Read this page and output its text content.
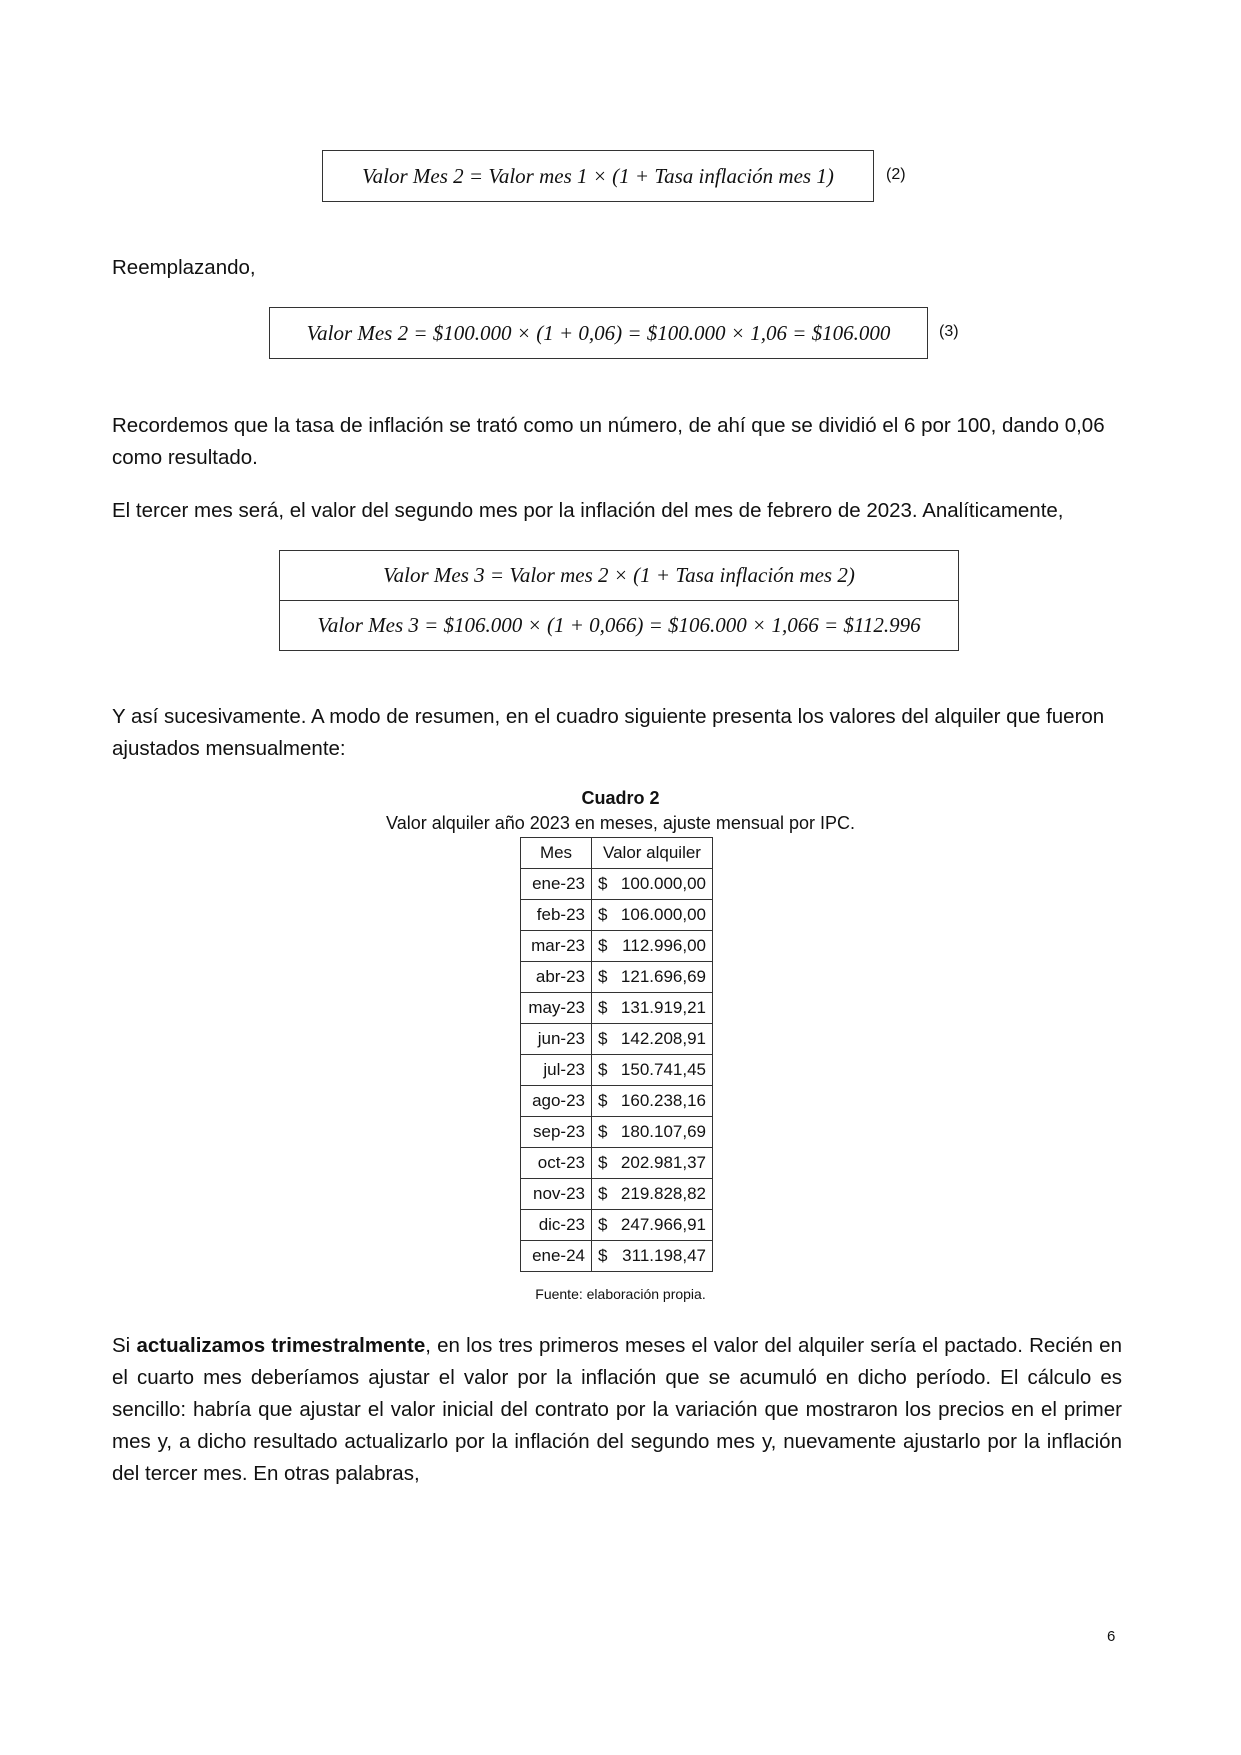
Valor Mes 2 = Valor mes 1 × (1 + Tasa inflación mes 1)	(2)
Reemplazando,
Valor Mes 2 = $100.000 × (1 + 0,06) = $100.000 × 1,06 = $106.000	(3)
Recordemos que la tasa de inflación se trató como un número, de ahí que se dividió el 6 por 100, dando 0,06 como resultado.
El tercer mes será, el valor del segundo mes por la inflación del mes de febrero de 2023. Analíticamente,
Valor Mes 3 = Valor mes 2 × (1 + Tasa inflación mes 2)
Valor Mes 3 = $106.000 × (1 + 0,066) = $106.000 × 1,066 = $112.996
Y así sucesivamente. A modo de resumen, en el cuadro siguiente presenta los valores del alquiler que fueron ajustados mensualmente:
Cuadro 2
Valor alquiler año 2023 en meses, ajuste mensual por IPC.
Mes	Valor alquiler
ene-23	$ 100.000,00

feb-23	$ 106.000,00

mar-23	$ 112.996,00

abr-23	$ 121.696,69

may-23	$ 131.919,21

jun-23	$ 142.208,91

jul-23	$ 150.741,45

ago-23	$ 160.238,16

sep-23	$ 180.107,69

oct-23	$ 202.981,37

nov-23	$ 219.828,82

dic-23	$ 247.966,91

ene-24	$ 311.198,47
Fuente: elaboración propia.
Si actualizamos trimestralmente, en los tres primeros meses el valor del alquiler sería el pactado. Recién en el cuarto mes deberíamos ajustar el valor por la inflación que se acumuló en dicho período. El cálculo es sencillo: habría que ajustar el valor inicial del contrato por la variación que mostraron los precios en el primer mes y, a dicho resultado actualizarlo por la inflación del segundo mes y, nuevamente ajustarlo por la inflación del tercer mes. En otras palabras,
6
